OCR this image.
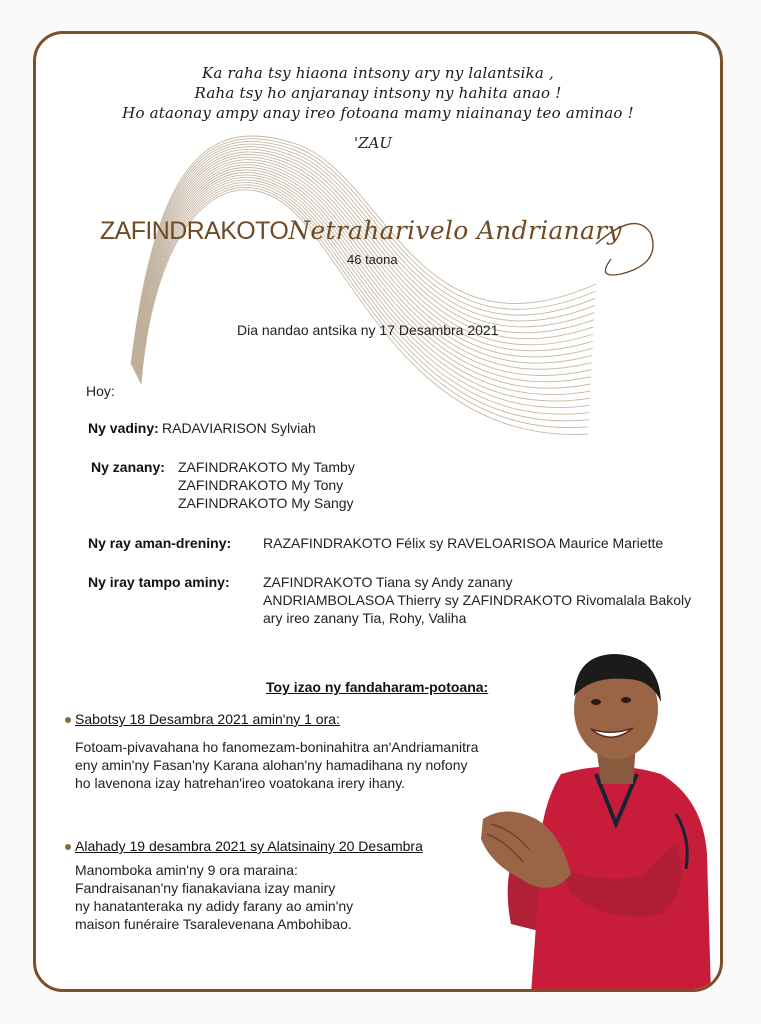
Ka raha tsy hiaona intsony ary ny lalantsika ,
Raha tsy ho anjaranay intsony ny hahita anao !
Ho ataonay ampy anay ireo fotoana mamy niainanay teo aminao !
'ZAU
ZAFINDRAKOTONetraharivelo Andrianary
46 taona
Dia nandao antsika ny 17 Desambra 2021
Hoy:
Ny vadiny: RADAVIARISON Sylviah
Ny zanany: ZAFINDRAKOTO My Tamby
ZAFINDRAKOTO My Tony
ZAFINDRAKOTO My Sangy
Ny ray aman-dreniny: RAZAFINDRAKOTO Félix sy RAVELOARISOA Maurice Mariette
Ny iray tampo aminy: ZAFINDRAKOTO Tiana sy Andy zanany
ANDRIAMBOLASOA Thierry sy ZAFINDRAKOTO Rivomalala Bakoly
ary ireo zanany Tia, Rohy, Valiha
Toy izao ny fandaharam-potoana:
Sabotsy 18 Desambra 2021 amin'ny 1 ora:
Fotoam-pivavahana ho fanomezam-boninahitra an'Andriamanitra
eny amin'ny Fasan'ny Karana alohan'ny hamadihana ny nofony
ho lavenona izay hatrehan'ireo voatokana irery ihany.
Alahady 19 desambra 2021 sy Alatsinainy 20 Desambra
Manomboka amin'ny 9 ora maraina:
Fandraisanan'ny fianakaviana izay maniry
ny hanatanteraka ny adidy farany ao amin'ny
maison funéraire Tsaralevenana Ambohibao.
